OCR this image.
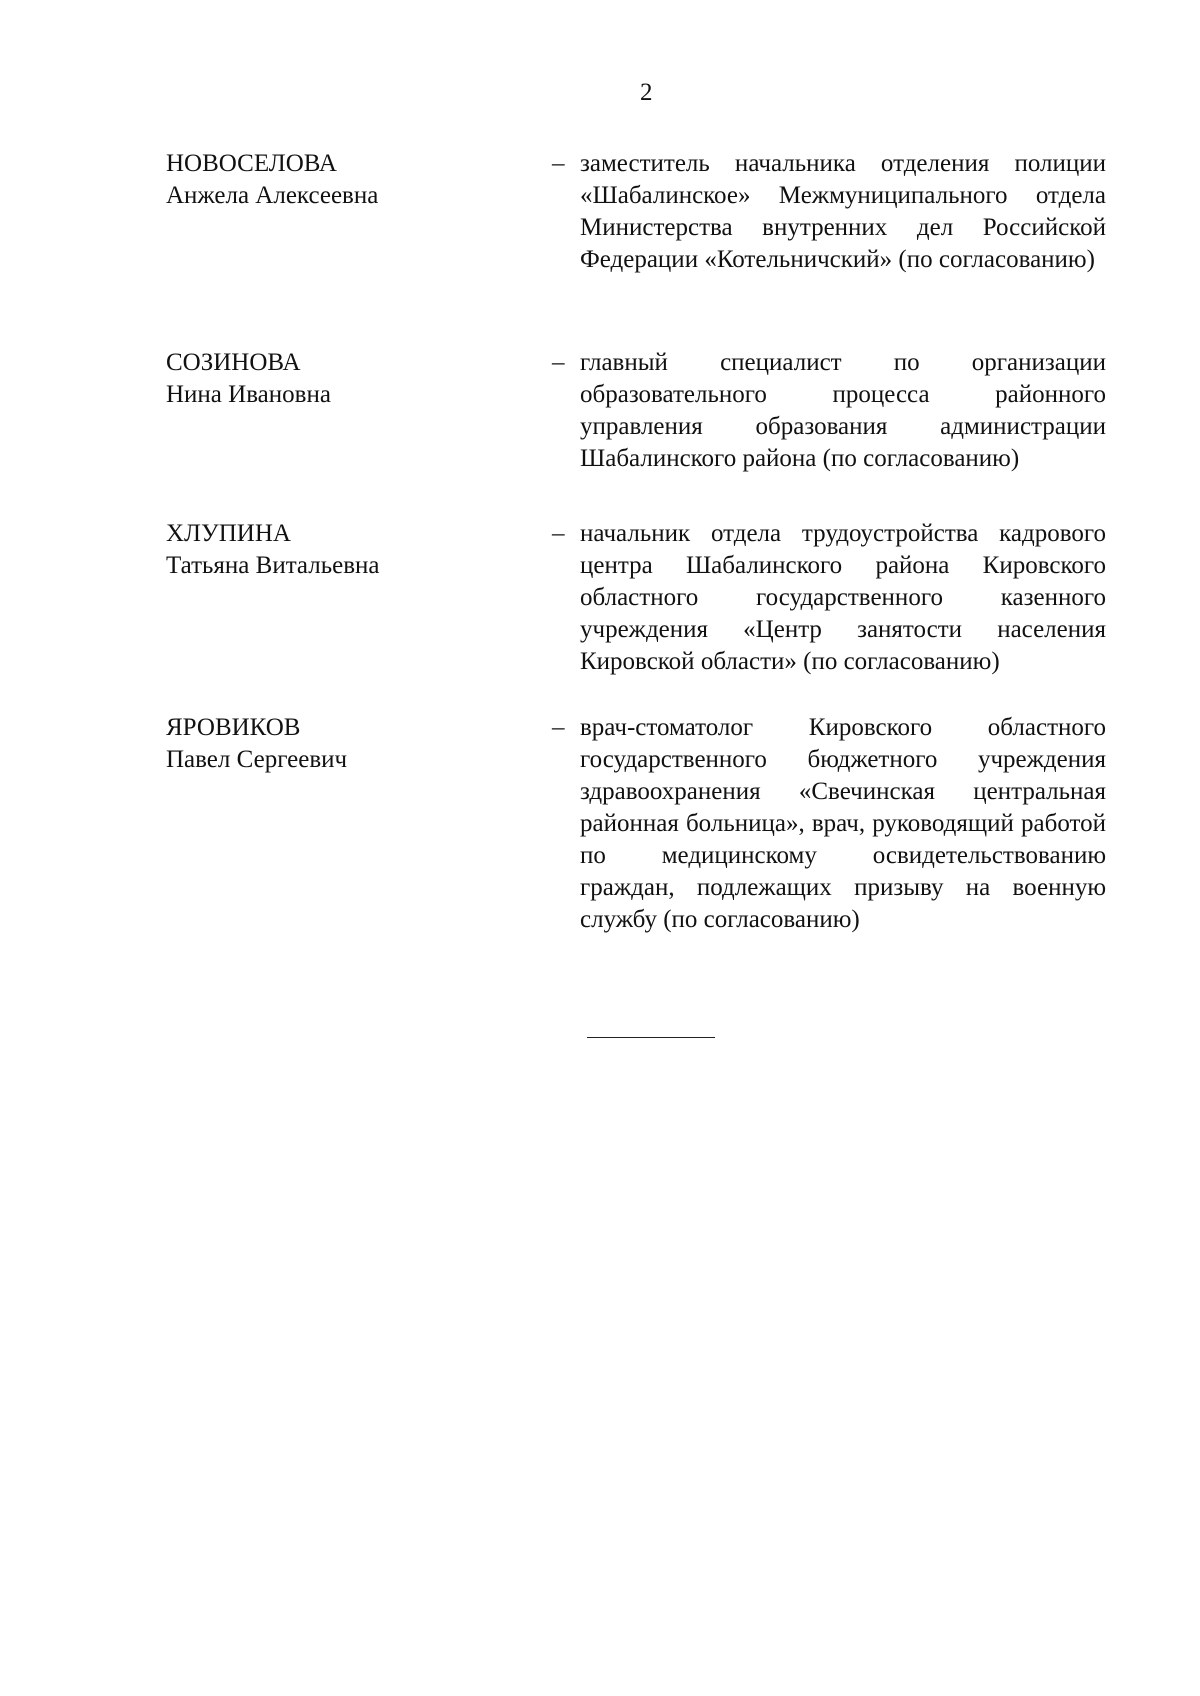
2
НОВОСЕЛОВА
Анжела Алексеевна
– заместитель начальника отделения полиции «Шабалинское» Межмуниципального отдела Министерства внутренних дел Российской Федерации «Котельничский» (по согласованию)
СОЗИНОВА
Нина Ивановна
– главный специалист по организации образовательного процесса районного управления образования администрации Шабалинского района (по согласованию)
ХЛУПИНА
Татьяна Витальевна
– начальник отдела трудоустройства кадрового центра Шабалинского района Кировского областного государственного казенного учреждения «Центр занятости населения Кировской области» (по согласованию)
ЯРОВИКОВ
Павел Сергеевич
– врач-стоматолог Кировского областного государственного бюджетного учреждения здравоохранения «Свечинская центральная районная больница», врач, руководящий работой по медицинскому освидетельствованию граждан, подлежащих призыву на военную службу (по согласованию)
